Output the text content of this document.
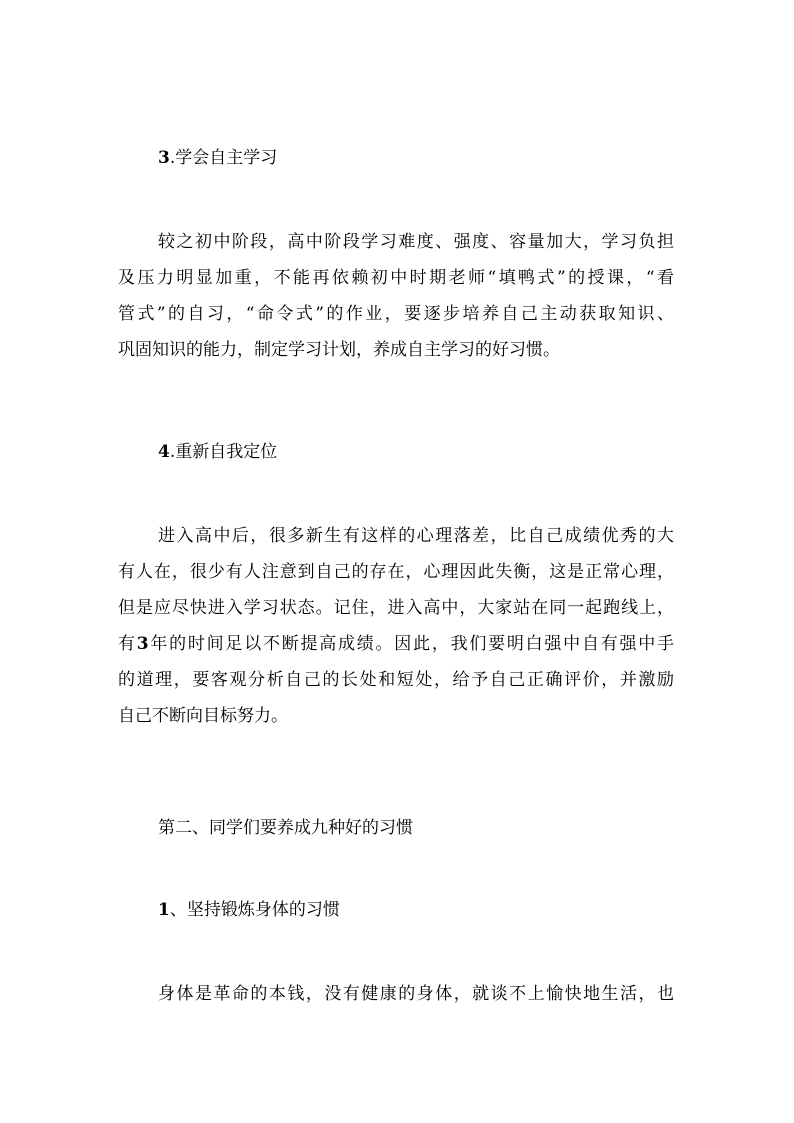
3.学会自主学习
较之初中阶段，高中阶段学习难度、强度、容量加大，学习负担
及压力明显加重，不能再依赖初中时期老师“填鸭式”的授课，“看
管式”的自习，“命令式”的作业，要逐步培养自己主动获取知识、
巩固知识的能力，制定学习计划，养成自主学习的好习惯。
4.重新自我定位
进入高中后，很多新生有这样的心理落差，比自己成绩优秀的大
有人在，很少有人注意到自己的存在，心理因此失衡，这是正常心理，
但是应尽快进入学习状态。记住，进入高中，大家站在同一起跑线上，
有3年的时间足以不断提高成绩。因此，我们要明白强中自有强中手
的道理，要客观分析自己的长处和短处，给予自己正确评价，并激励
自己不断向目标努力。
第二、同学们要养成九种好的习惯
1、坚持锻炼身体的习惯
身体是革命的本钱，没有健康的身体，就谈不上愉快地生活，也
